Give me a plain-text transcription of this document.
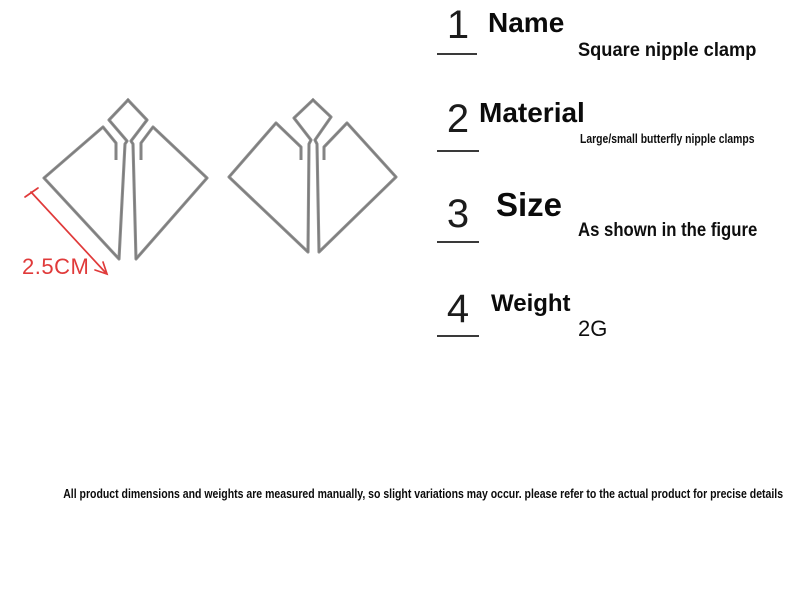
2.5CM
1 Name
Square nipple clamp
2 Material
Large/small butterfly nipple clamps
3 Size
As shown in the figure
4 Weight
2G
All product dimensions and weights are measured manually, so slight variations may occur. please refer to the actual product for precise details
